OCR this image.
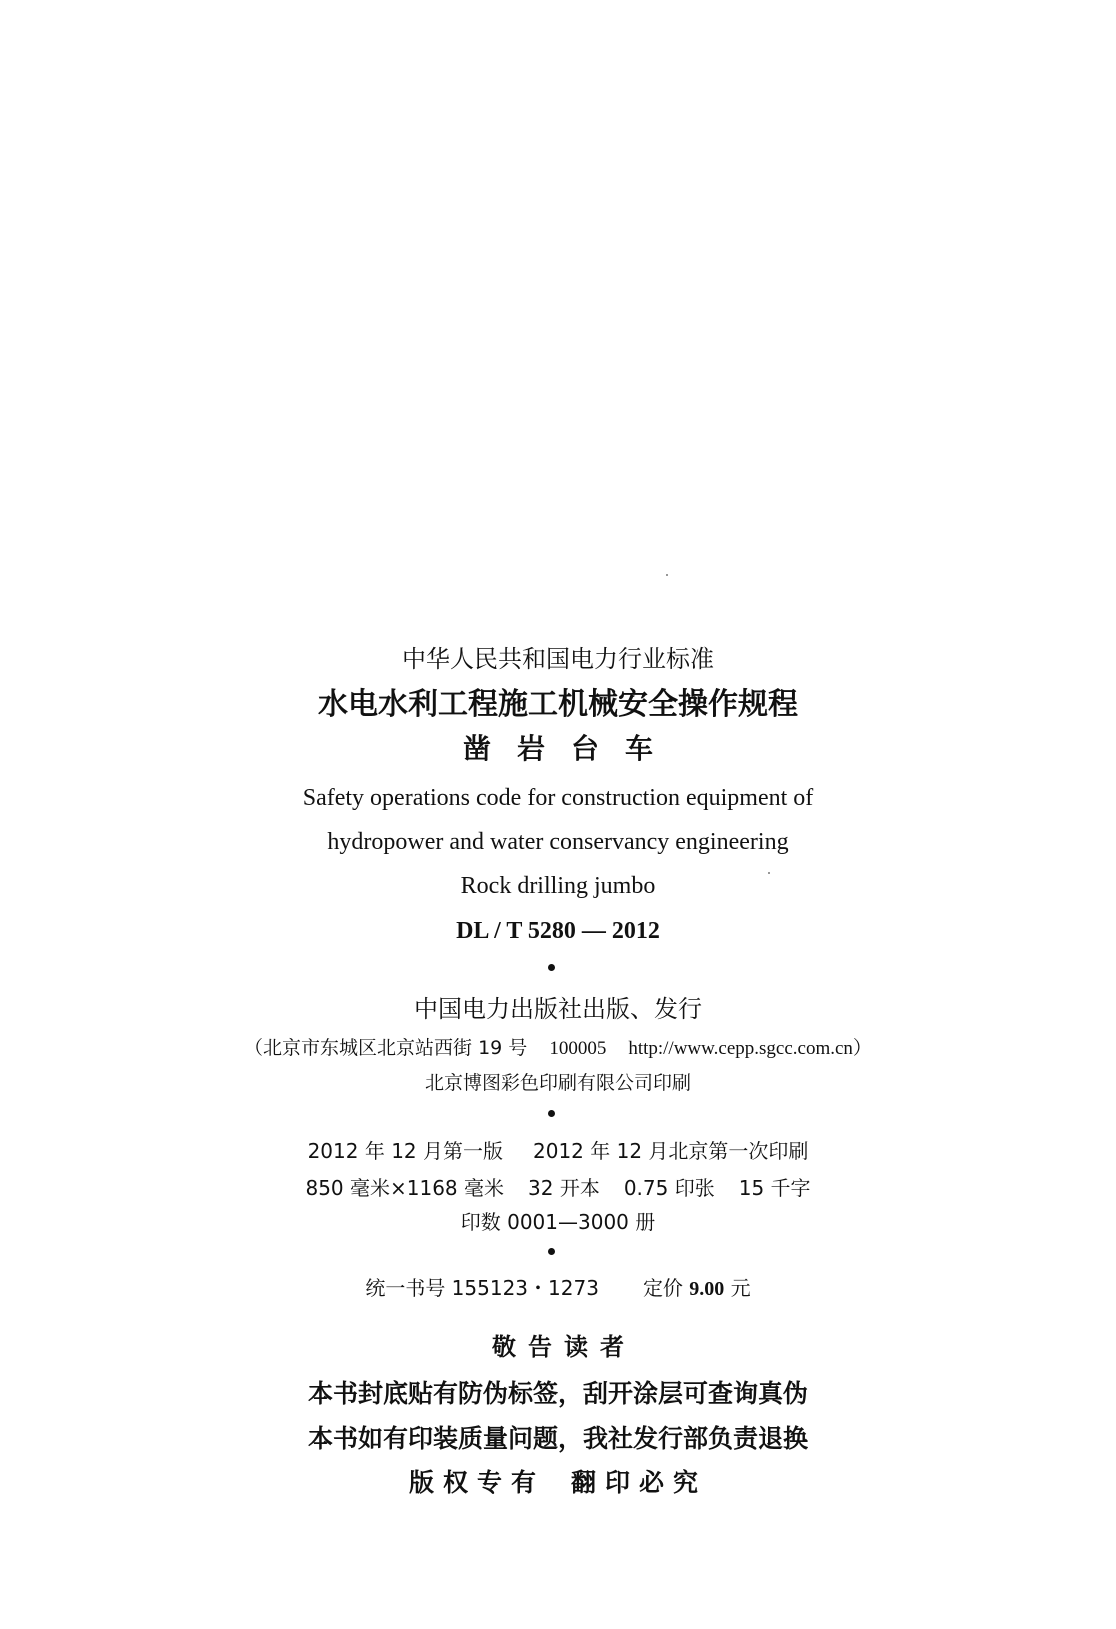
中华人民共和国电力行业标准
水电水利工程施工机械安全操作规程
凿岩台车
Safety operations code for construction equipment of
hydropower and water conservancy engineering
Rock drilling jumbo
DL / T 5280 — 2012
中国电力出版社出版、发行
（北京市东城区北京站西街 19 号 100005 http://www.cepp.sgcc.com.cn）
北京博图彩色印刷有限公司印刷
2012 年 12 月第一版 2012 年 12 月北京第一次印刷
850 毫米×1168 毫米 32 开本 0.75 印张 15 千字
印数 0001—3000 册
统一书号 155123・1273 定价 9.00 元
敬告读者
本书封底贴有防伪标签，刮开涂层可查询真伪
本书如有印装质量问题，我社发行部负责退换
版权专有 翻印必究
